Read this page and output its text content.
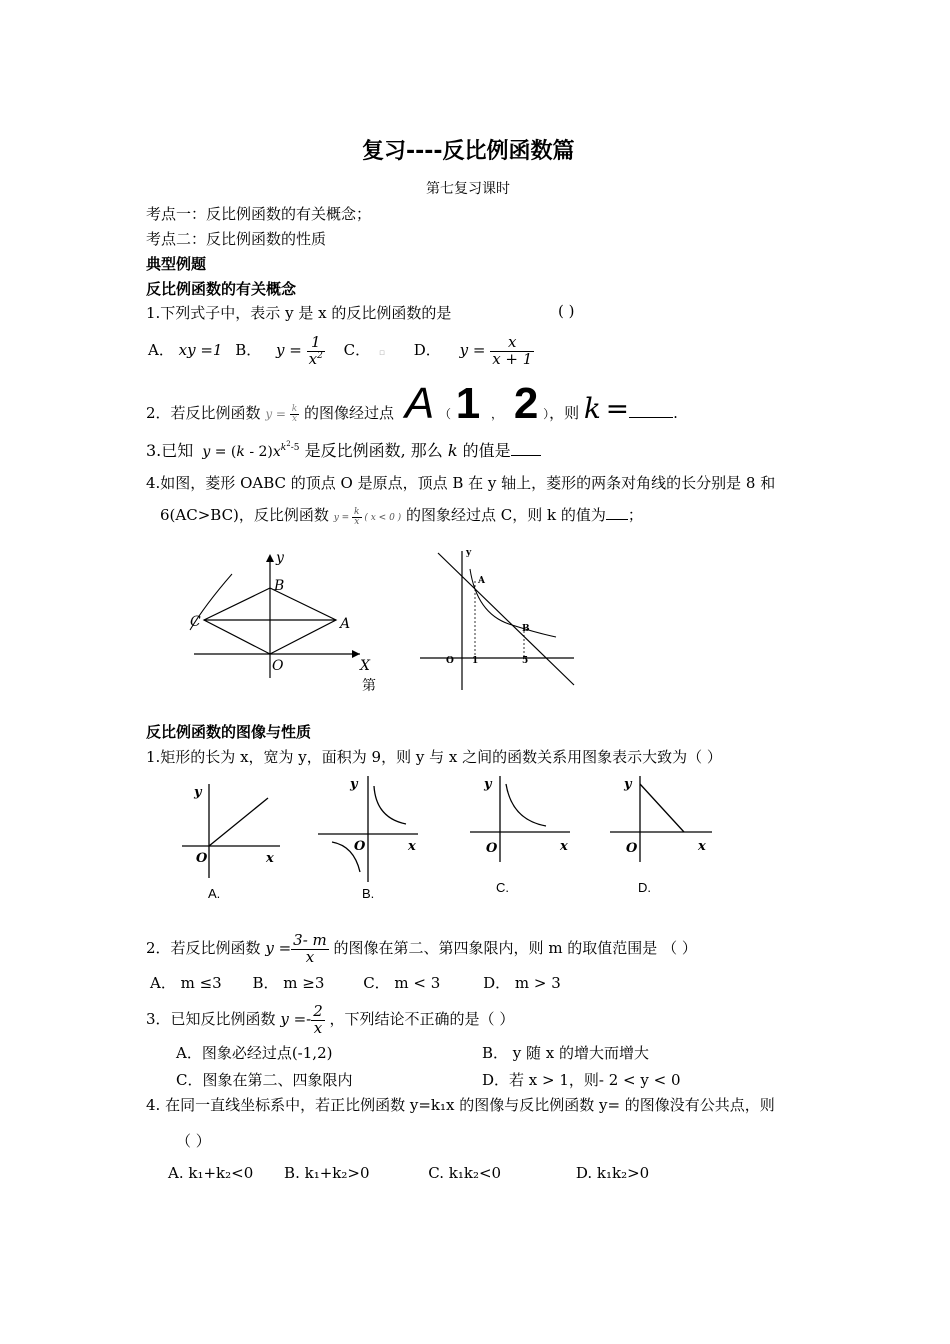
复习----反比例函数篇
第七复习课时
考点一：反比例函数的有关概念；
考点二：反比例函数的性质
典型例题
反比例函数的有关概念
1.下列式子中，表示 y 是 x 的反比例函数的是	( )
A． xy =1 B． $y = \frac{1}{x^2}$ C． ▫ D． $y = \frac{x}{x + 1}$
2．若反比例函数 $y = \frac{k}{x}$ 的图像经过点 A （ 1 ， 2 ），则 k =	.
3.已知 $y = (k - 2)x^{k^2-5}$ 是反比例函数, 那么 k 的值是
4.如图，菱形 OABC 的顶点 O 是原点，顶点 B 在 y 轴上，菱形的两条对角线的长分别是 8 和
6(AC>BC)，反比例函数 $y = \frac{k}{x}$ ( x < 0 ) 的图象经过点 C，则 k 的值为 ；
y
B
C	A
O	X
第
y
A
B
O 1	5
反比例函数的图像与性质
1.矩形的长为 x，宽为 y，面积为 9，则 y 与 x 之间的函数关系用图象表示大致为（ ）
y
x
O
A.
y
x
O
B.
y
x
O
C.
y
x
O
D.
2．若反比例函数 $y = \frac{3- m}{x}$ 的图像在第二、第四象限内，则 m 的取值范围是 （ ）
A． m ≤3 B． m ≥3	C． m < 3	D． m > 3
3．已知反比例函数 $y =- \frac{2}{x}$ ，下列结论不正确的是（ ）
A．图象必经过点(-1,2)	B． y 随 x 的增大而增大
C．图象在第二、四象限内	D．若 x > 1，则- 2 < y < 0
4. 在同一直线坐标系中，若正比例函数 y=k₁x 的图像与反比例函数 y= 的图像没有公共点，则
（ ）
A. k₁+k₂<0 B. k₁+k₂>0	C. k₁k₂<0	D. k₁k₂>0
